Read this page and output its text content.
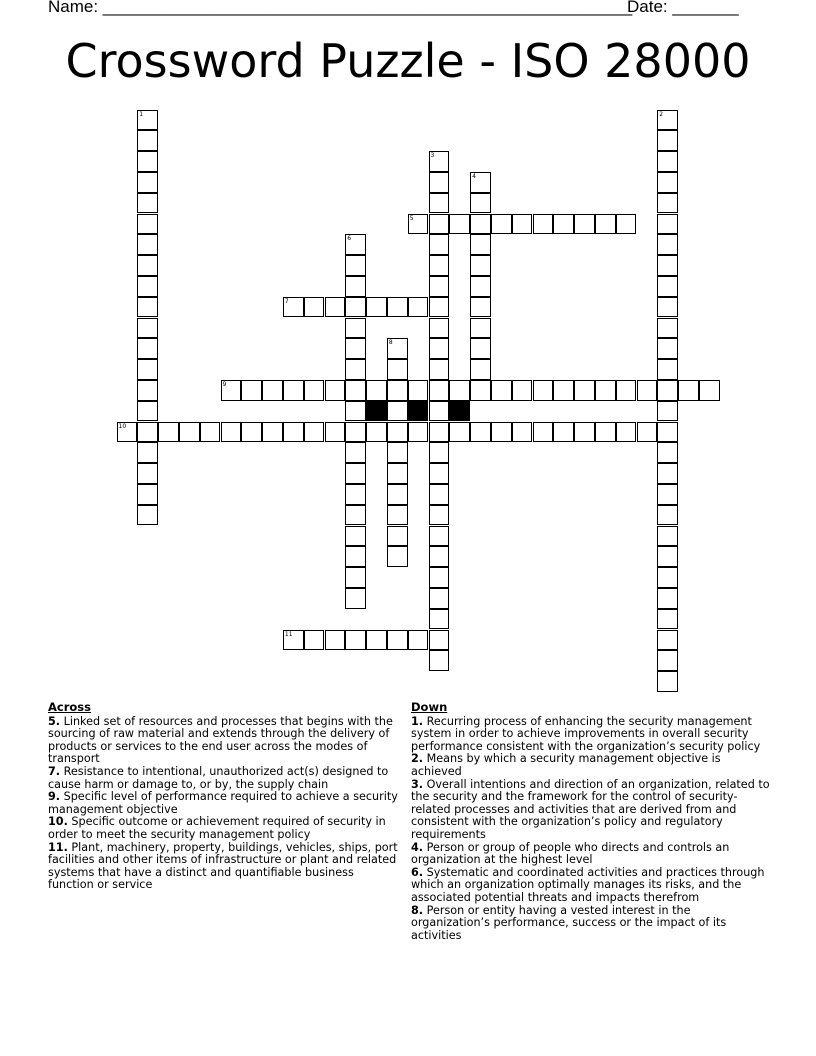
Name: ________________________________________________________
Date: _______
Crossword Puzzle - ISO 28000
1	2
3
4
5
6
7
8
9
10
11
Across
5. Linked set of resources and processes that begins with the sourcing of raw material and extends through the delivery of products or services to the end user across the modes of transport
7. Resistance to intentional, unauthorized act(s) designed to cause harm or damage to, or by, the supply chain
9. Specific level of performance required to achieve a security management objective
10. Specific outcome or achievement required of security in order to meet the security management policy
11. Plant, machinery, property, buildings, vehicles, ships, port facilities and other items of infrastructure or plant and related systems that have a distinct and quantifiable business function or service
Down
1. Recurring process of enhancing the security management system in order to achieve improvements in overall security performance consistent with the organization’s security policy
2. Means by which a security management objective is achieved
3. Overall intentions and direction of an organization, related to the security and the framework for the control of security-related processes and activities that are derived from and consistent with the organization’s policy and regulatory requirements
4. Person or group of people who directs and controls an organization at the highest level
6. Systematic and coordinated activities and practices through which an organization optimally manages its risks, and the associated potential threats and impacts therefrom
8. Person or entity having a vested interest in the organization’s performance, success or the impact of its activities
